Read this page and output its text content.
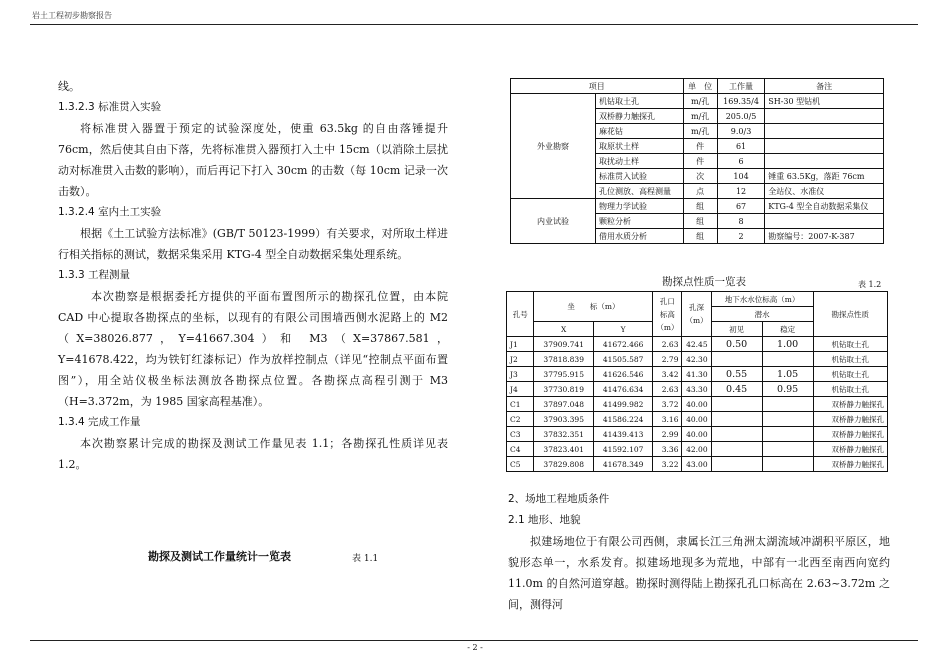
岩土工程初步勘察报告

线。

1.3.2.3 标准贯入实验

将标准贯入器置于预定的试验深度处，使重 63.5kg 的自由落锤提升 76cm，然后使其自由下落，先将标准贯入器预打入土中 15cm（以消除土层扰动对标准贯入击数的影响），而后再记下打入 30cm 的击数（每 10cm 记录一次击数）。

1.3.2.4 室内土工实验

根据《土工试验方法标准》(GB/T 50123-1999）有关要求，对所取土样进行相关指标的测试，数据采集采用 KTG-4 型全自动数据采集处理系统。

1.3.3 工程测量

本次勘察是根据委托方提供的平面布置图所示的勘探孔位置，由本院 CAD 中心提取各勘探点的坐标，以现有的有限公司围墙西侧水泥路上的 M2（X=38026.877，Y=41667.304）和 M3（X=37867.581，Y=41678.422，均为铁钉红漆标记）作为放样控制点（详见“控制点平面布置图”），用全站仪极坐标法测放各勘探点位置。各勘探点高程引测于 M3（H=3.372m，为 1985 国家高程基准）。

1.3.4 完成工作量

本次勘察累计完成的勘探及测试工作量见表 1.1；各勘探孔性质详见表 1.2。

勘探及测试工作量统计一览表	表 1.1
项目		单　位	工作量	备注
外业勘察	机钻取土孔	m/孔	169.35/4	SH-30 型钻机
	双桥静力触探孔	m/孔	205.0/5	
	麻花钻	m/孔	9.0/3	
	取原状土样	件	61	
	取扰动土样	件	6	
	标准贯入试验	次	104	锤重 63.5Kg，落距 76cm
	孔位测放、高程测量	点	12	全站仪、水准仪
内业试验	物理力学试验	组	67	KTG-4 型全自动数据采集仪
	颗粒分析	组	8	
	借用水质分析	组	2	勘察编号：2007-K-387
勘探点性质一览表	表 1.2
孔号	坐　　标（m）		孔口标高（m）	孔深（m）	地下水水位标高（m）		勘探点性质
					潜水		
	X	Y			初见	稳定	
J1	37909.741	41672.466	2.63	42.45	0.50	1.00	机钻取土孔
J2	37818.839	41505.587	2.79	42.30			机钻取土孔
J3	37795.915	41626.546	3.42	41.30	0.55	1.05	机钻取土孔
J4	37730.819	41476.634	2.63	43.30	0.45	0.95	机钻取土孔
C1	37897.048	41499.982	3.72	40.00			双桥静力触探孔
C2	37903.395	41586.224	3.16	40.00			双桥静力触探孔
C3	37832.351	41439.413	2.99	40.00			双桥静力触探孔
C4	37823.401	41592.107	3.36	42.00			双桥静力触探孔
C5	37829.808	41678.349	3.22	43.00			双桥静力触探孔

2、场地工程地质条件

2.1 地形、地貌

拟建场地位于有限公司西侧，隶属长江三角洲太湖流域冲湖积平原区，地貌形态单一，水系发育。拟建场地现多为荒地，中部有一北西至南西向宽约 11.0m 的自然河道穿越。勘探时测得陆上勘探孔孔口标高在 2.63~3.72m 之间，测得河

- 2 -
